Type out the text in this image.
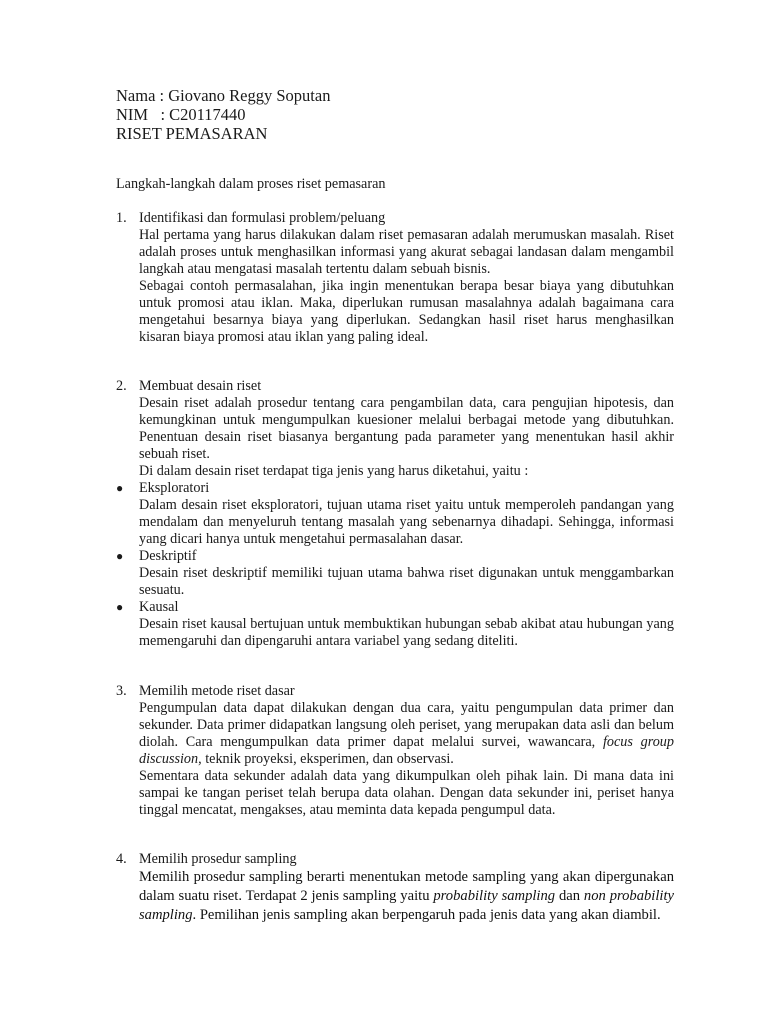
Nama : Giovano Reggy Soputan
NIM   : C20117440
RISET PEMASARAN
Langkah-langkah dalam proses riset pemasaran
1. Identifikasi dan formulasi problem/peluang

Hal pertama yang harus dilakukan dalam riset pemasaran adalah merumuskan masalah. Riset adalah proses untuk menghasilkan informasi yang akurat sebagai landasan dalam mengambil langkah atau mengatasi masalah tertentu dalam sebuah bisnis.

Sebagai contoh permasalahan, jika ingin menentukan berapa besar biaya yang dibutuhkan untuk promosi atau iklan. Maka, diperlukan rumusan masalahnya adalah bagaimana cara mengetahui besarnya biaya yang diperlukan. Sedangkan hasil riset harus menghasilkan kisaran biaya promosi atau iklan yang paling ideal.

2. Membuat desain riset

Desain riset adalah prosedur tentang cara pengambilan data, cara pengujian hipotesis, dan kemungkinan untuk mengumpulkan kuesioner melalui berbagai metode yang dibutuhkan. Penentuan desain riset biasanya bergantung pada parameter yang menentukan hasil akhir sebuah riset.

Di dalam desain riset terdapat tiga jenis yang harus diketahui, yaitu :

●	Eksploratori

Dalam desain riset eksploratori, tujuan utama riset yaitu untuk memperoleh pandangan yang mendalam dan menyeluruh tentang masalah yang sebenarnya dihadapi. Sehingga, informasi yang dicari hanya untuk mengetahui permasalahan dasar.

●	Deskriptif

Desain riset deskriptif memiliki tujuan utama bahwa riset digunakan untuk menggambarkan sesuatu.

●	Kausal

Desain riset kausal bertujuan untuk membuktikan hubungan sebab akibat atau hubungan yang memengaruhi dan dipengaruhi antara variabel yang sedang diteliti.

3. Memilih metode riset dasar

Pengumpulan data dapat dilakukan dengan dua cara, yaitu pengumpulan data primer dan sekunder. Data primer didapatkan langsung oleh periset, yang merupakan data asli dan belum diolah. Cara mengumpulkan data primer dapat melalui survei, wawancara, focus group discussion, teknik proyeksi, eksperimen, dan observasi.

Sementara data sekunder adalah data yang dikumpulkan oleh pihak lain. Di mana data ini sampai ke tangan periset telah berupa data olahan. Dengan data sekunder ini, periset hanya tinggal mencatat, mengakses, atau meminta data kepada pengumpul data.

4. Memilih prosedur sampling

Memilih prosedur sampling berarti menentukan metode sampling yang akan dipergunakan dalam suatu riset. Terdapat 2 jenis sampling yaitu probability sampling dan non probability sampling. Pemilihan jenis sampling akan berpengaruh pada jenis data yang akan diambil.
